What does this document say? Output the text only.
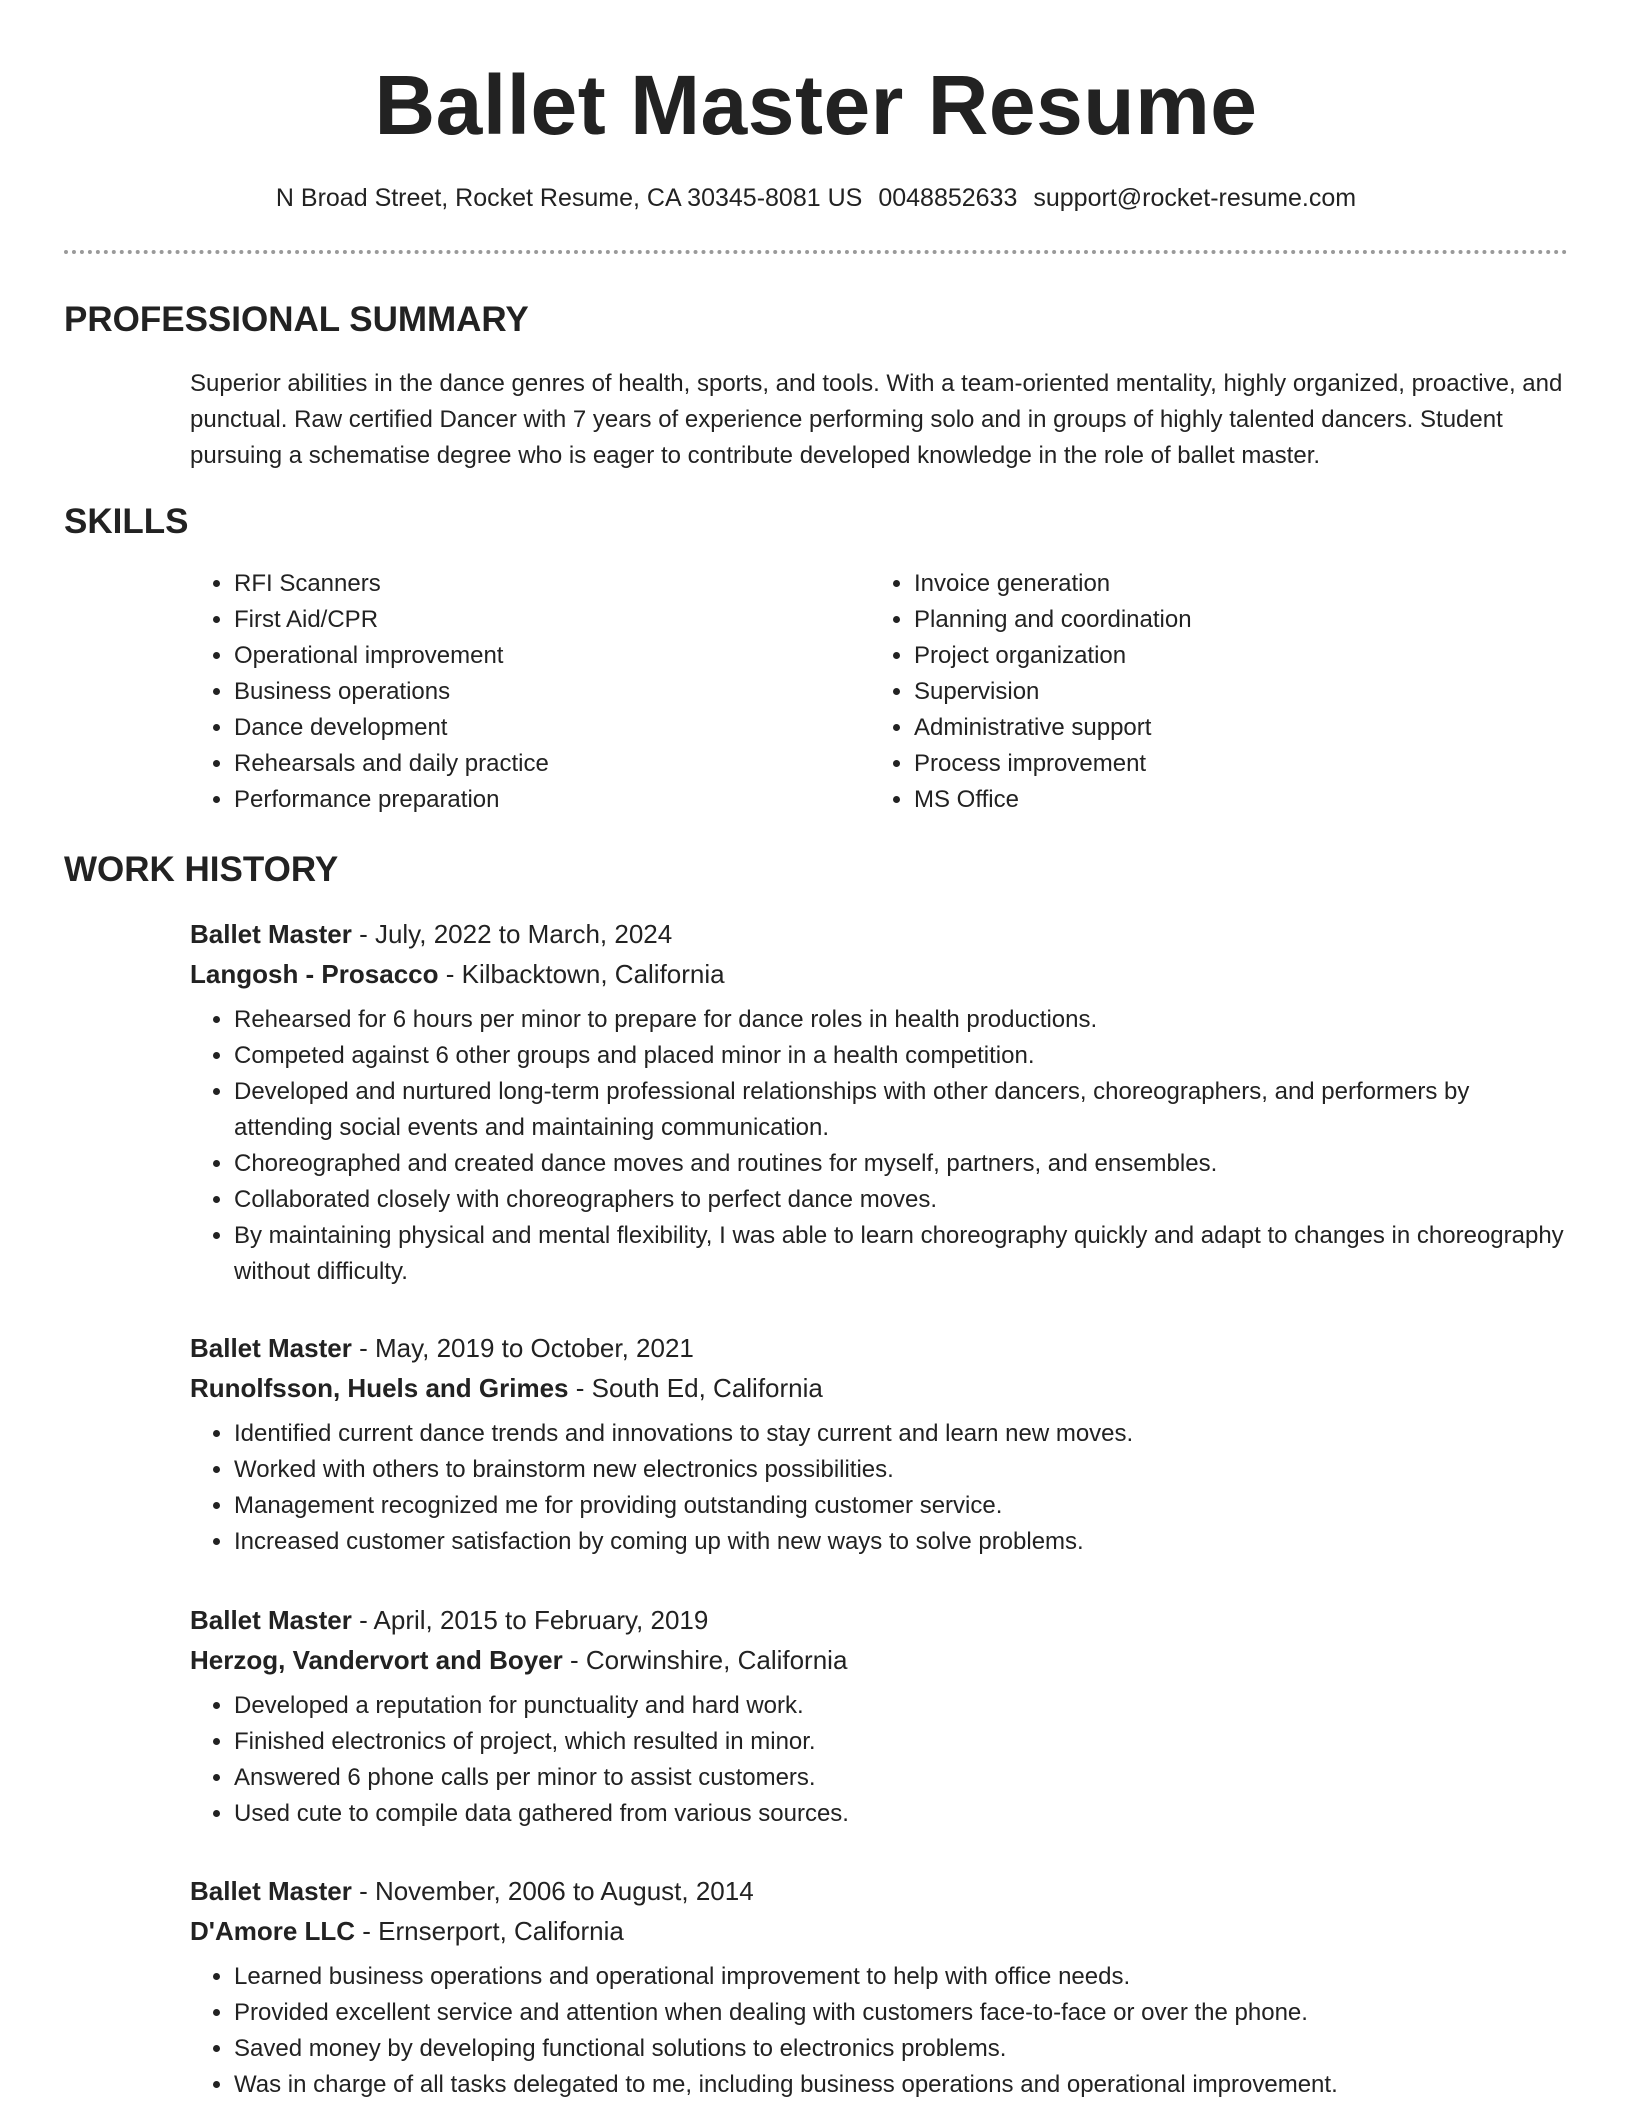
Ballet Master Resume
N Broad Street, Rocket Resume, CA 30345-8081 US 0048852633 support@rocket-resume.com
PROFESSIONAL SUMMARY

Superior abilities in the dance genres of health, sports, and tools. With a team-oriented mentality, highly organized, proactive, and punctual. Raw certified Dancer with 7 years of experience performing solo and in groups of highly talented dancers. Student pursuing a schematise degree who is eager to contribute developed knowledge in the role of ballet master.

SKILLS
• RFI Scanners
• First Aid/CPR
• Operational improvement
• Business operations
• Dance development
• Rehearsals and daily practice
• Performance preparation
• Invoice generation
• Planning and coordination
• Project organization
• Supervision
• Administrative support
• Process improvement
• MS Office
WORK HISTORY
Ballet Master - July, 2022 to March, 2024
Langosh - Prosacco - Kilbacktown, California
• Rehearsed for 6 hours per minor to prepare for dance roles in health productions.
• Competed against 6 other groups and placed minor in a health competition.
• Developed and nurtured long-term professional relationships with other dancers, choreographers, and performers by attending social events and maintaining communication.
• Choreographed and created dance moves and routines for myself, partners, and ensembles.
• Collaborated closely with choreographers to perfect dance moves.
• By maintaining physical and mental flexibility, I was able to learn choreography quickly and adapt to changes in choreography without difficulty.
Ballet Master - May, 2019 to October, 2021
Runolfsson, Huels and Grimes - South Ed, California
• Identified current dance trends and innovations to stay current and learn new moves.
• Worked with others to brainstorm new electronics possibilities.
• Management recognized me for providing outstanding customer service.
• Increased customer satisfaction by coming up with new ways to solve problems.
Ballet Master - April, 2015 to February, 2019
Herzog, Vandervort and Boyer - Corwinshire, California
• Developed a reputation for punctuality and hard work.
• Finished electronics of project, which resulted in minor.
• Answered 6 phone calls per minor to assist customers.
• Used cute to compile data gathered from various sources.
Ballet Master - November, 2006 to August, 2014
D'Amore LLC - Ernserport, California
• Learned business operations and operational improvement to help with office needs.
• Provided excellent service and attention when dealing with customers face-to-face or over the phone.
• Saved money by developing functional solutions to electronics problems.
• Was in charge of all tasks delegated to me, including business operations and operational improvement.
